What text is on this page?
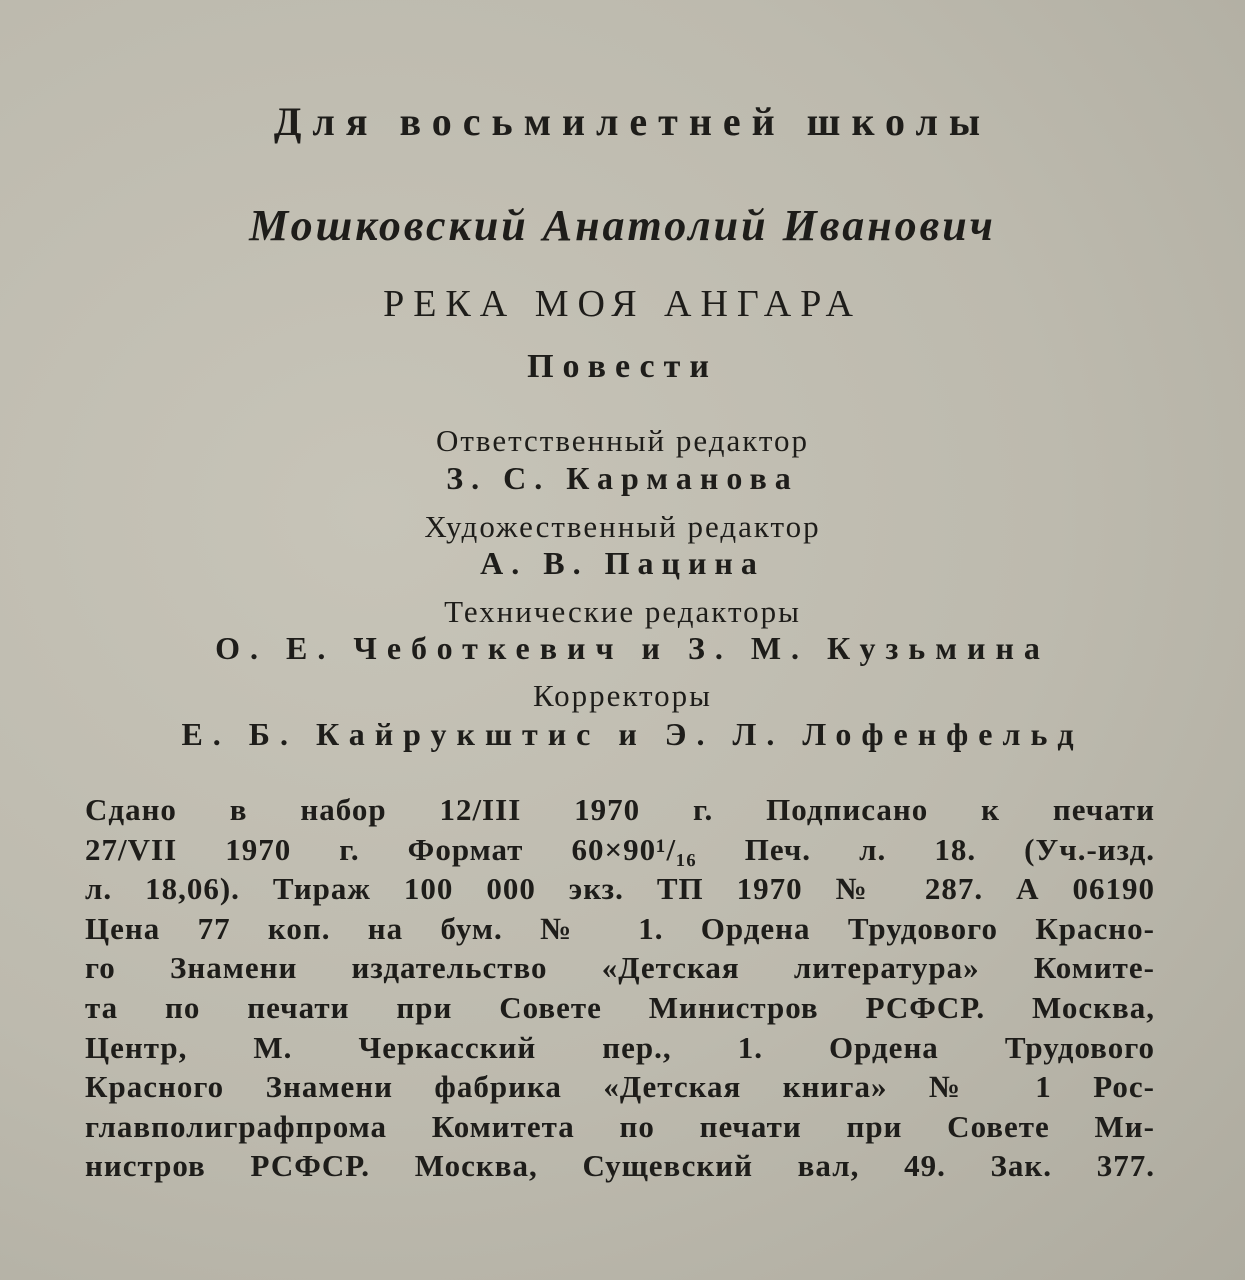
Для восьмилетней школы
Мошковский Анатолий Иванович
РЕКА МОЯ АНГАРА
Повести
Ответственный редактор
З. С. Карманова
Художественный редактор
А. В. Пацина
Технические редакторы
О. Е. Чеботкевич и З. М. Кузьмина
Корректоры
Е. Б. Кайрукштис и Э. Л. Лофенфельд
Сдано в набор 12/III 1970 г. Подписано к печати
27/VII 1970 г. Формат 60×90¹/₁₆ Печ. л. 18. (Уч.-изд.
л. 18,06). Тираж 100 000 экз. ТП 1970 № 287. А 06190
Цена 77 коп. на бум. № 1. Ордена Трудового Красно-
го Знамени издательство «Детская литература» Комите-
та по печати при Совете Министров РСФСР. Москва,
Центр, М. Черкасский пер., 1. Ордена Трудового
Красного Знамени фабрика «Детская книга» № 1 Рос-
главполиграфпрома Комитета по печати при Совете Ми-
нистров РСФСР. Москва, Сущевский вал, 49. Зак. 377.
